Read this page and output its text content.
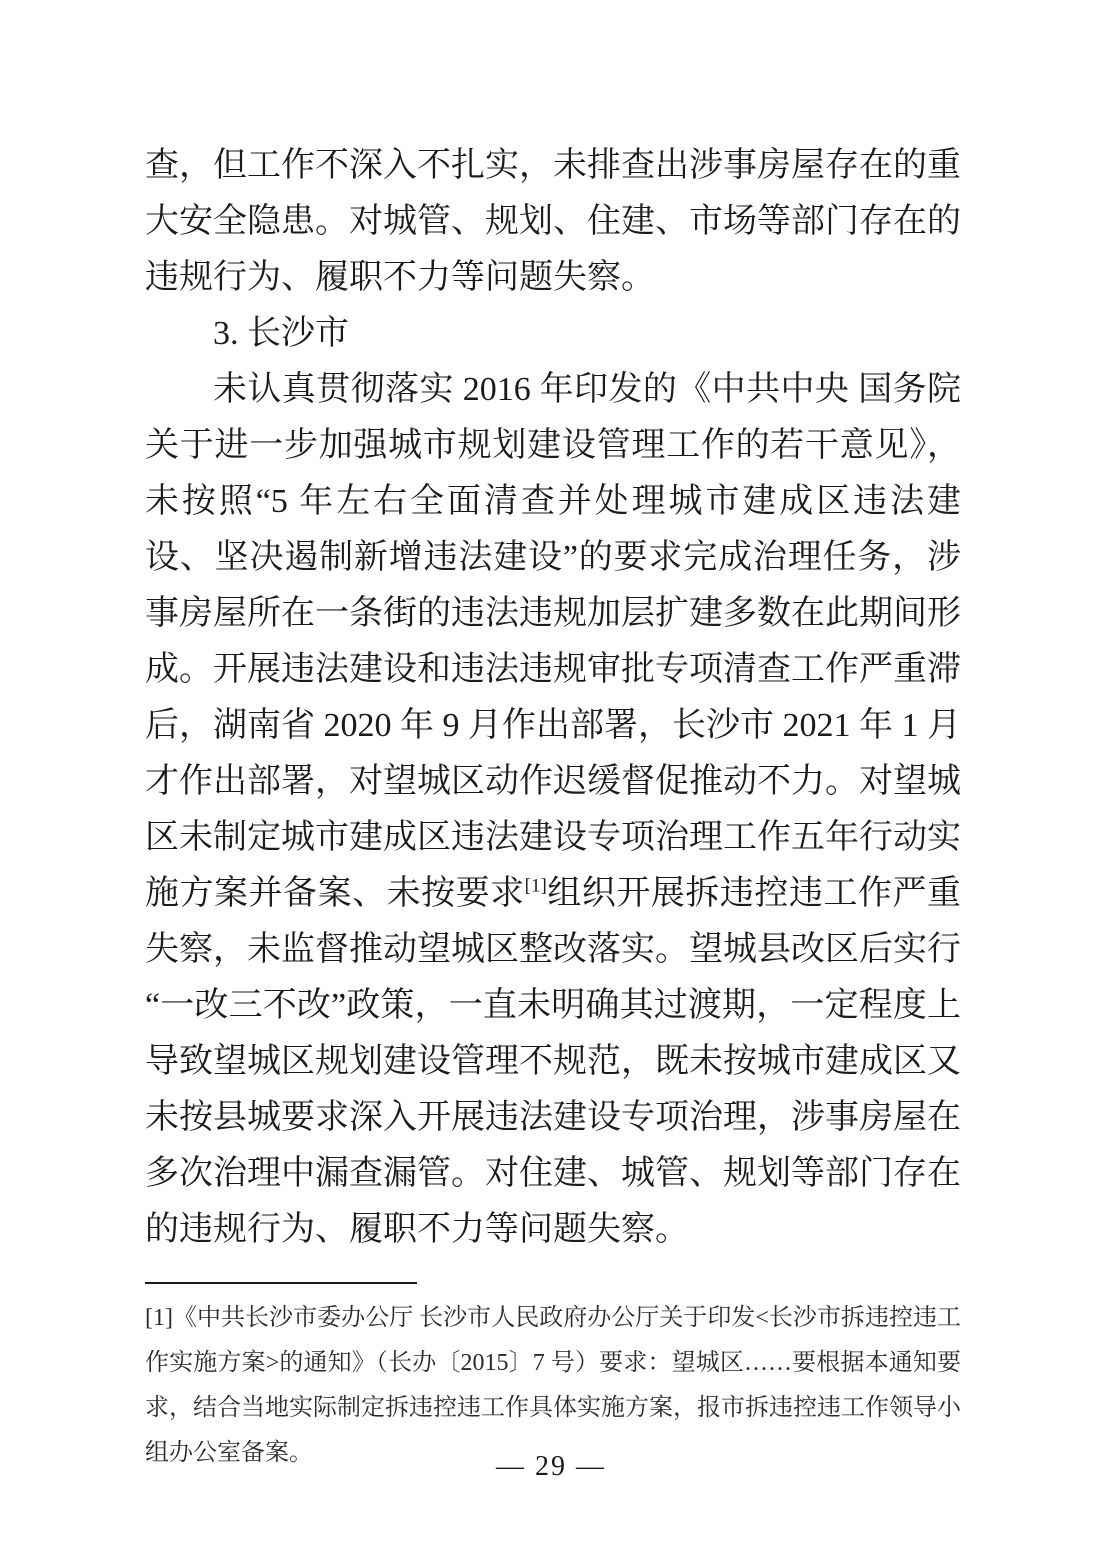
查，但工作不深入不扎实，未排查出涉事房屋存在的重大安全隐患。对城管、规划、住建、市场等部门存在的违规行为、履职不力等问题失察。

3. 长沙市

未认真贯彻落实 2016 年印发的《中共中央 国务院关于进一步加强城市规划建设管理工作的若干意见》，未按照“5 年左右全面清查并处理城市建成区违法建设、坚决遏制新增违法建设”的要求完成治理任务，涉事房屋所在一条街的违法违规加层扩建多数在此期间形成。开展违法建设和违法违规审批专项清查工作严重滞后，湖南省 2020 年 9 月作出部署，长沙市 2021 年 1 月才作出部署，对望城区动作迟缓督促推动不力。对望城区未制定城市建成区违法建设专项治理工作五年行动实施方案并备案、未按要求[1]组织开展拆违控违工作严重失察，未监督推动望城区整改落实。望城县改区后实行“一改三不改”政策，一直未明确其过渡期，一定程度上导致望城区规划建设管理不规范，既未按城市建成区又未按县城要求深入开展违法建设专项治理，涉事房屋在多次治理中漏查漏管。对住建、城管、规划等部门存在的违规行为、履职不力等问题失察。

[1]《中共长沙市委办公厅 长沙市人民政府办公厅关于印发<长沙市拆违控违工作实施方案>的通知》（长办〔2015〕7 号）要求：望城区……要根据本通知要求，结合当地实际制定拆违控违工作具体实施方案，报市拆违控违工作领导小组办公室备案。	— 29 —
